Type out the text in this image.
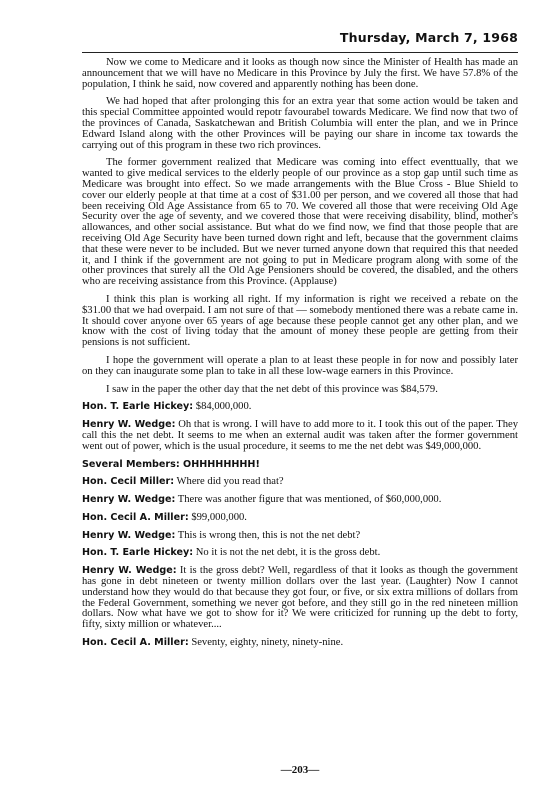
Thursday, March 7, 1968

Now we come to Medicare and it looks as though now since the Minister of Health has made an announcement that we will have no Medicare in this Province by July the first. We have 57.8% of the population, I think he said, now covered and apparently nothing has been done.

We had hoped that after prolonging this for an extra year that some action would be taken and this special Committee appointed would repotr favourabel towards Medicare. We find now that two of the provinces of Canada, Saskatchewan and British Columbia will enter the plan, and we in Prince Edward Island along with the other Provinces will be paying our share in income tax towards the carrying out of this program in these two rich provinces.

The former government realized that Medicare was coming into effect eventtually, that we wanted to give medical services to the elderly people of our province as a stop gap until such time as Medicare was brought into effect. So we made arrangements with the Blue Cross - Blue Shield to cover our elderly people at that time at a cost of $31.00 per person, and we covered all those that had been receiving Old Age Assistance from 65 to 70. We covered all those that were receiving Old Age Security over the age of seventy, and we covered those that were receiving disability, blind, mother's allowances, and other social assistance. But what do we find now, we find that those people that are receiving Old Age Security have been turned down right and left, because that the government claims that these were never to be included. But we never turned anyone down that required this that needed it, and I think if the government are not going to put in Medicare program along with some of the other provinces that surely all the Old Age Pensioners should be covered, the disabled, and the others who are receiving assistance from this Province. (Applause)

I think this plan is working all right. If my information is right we received a rebate on the $31.00 that we had overpaid. I am not sure of that — somebody mentioned there was a rebate came in. It should cover anyone over 65 years of age because these people cannot get any other plan, and we know with the cost of living today that the amount of money these people are getting from their pensions is not sufficient.

I hope the government will operate a plan to at least these people in for now and possibly later on they can inaugurate some plan to take in all these low-wage earners in this Province.

I saw in the paper the other day that the net debt of this province was $84,579.

Hon. T. Earle Hickey: $84,000,000.

Henry W. Wedge: Oh that is wrong. I will have to add more to it. I took this out of the paper. They call this the net debt. It seems to me when an external audit was taken after the former government went out of power, which is the usual procedure, it seems to me the net debt was $49,000,000.

Several Members: OHHHHHHHH!

Hon. Cecil Miller: Where did you read that?

Henry W. Wedge: There was another figure that was mentioned, of $60,000,000.

Hon. Cecil A. Miller: $99,000,000.

Henry W. Wedge: This is wrong then, this is not the net debt?

Hon. T. Earle Hickey: No it is not the net debt, it is the gross debt.

Henry W. Wedge: It is the gross debt? Well, regardless of that it looks as though the government has gone in debt nineteen or twenty million dollars over the last year. (Laughter) Now I cannot understand how they would do that because they got four, or five, or six extra millions of dollars from the Federal Government, something we never got before, and they still go in the red nineteen million dollars. Now what have we got to show for it? We were criticized for running up the debt to forty, fifty, sixty million or whatever....

Hon. Cecil A. Miller: Seventy, eighty, ninety, ninety-nine.

—203—
